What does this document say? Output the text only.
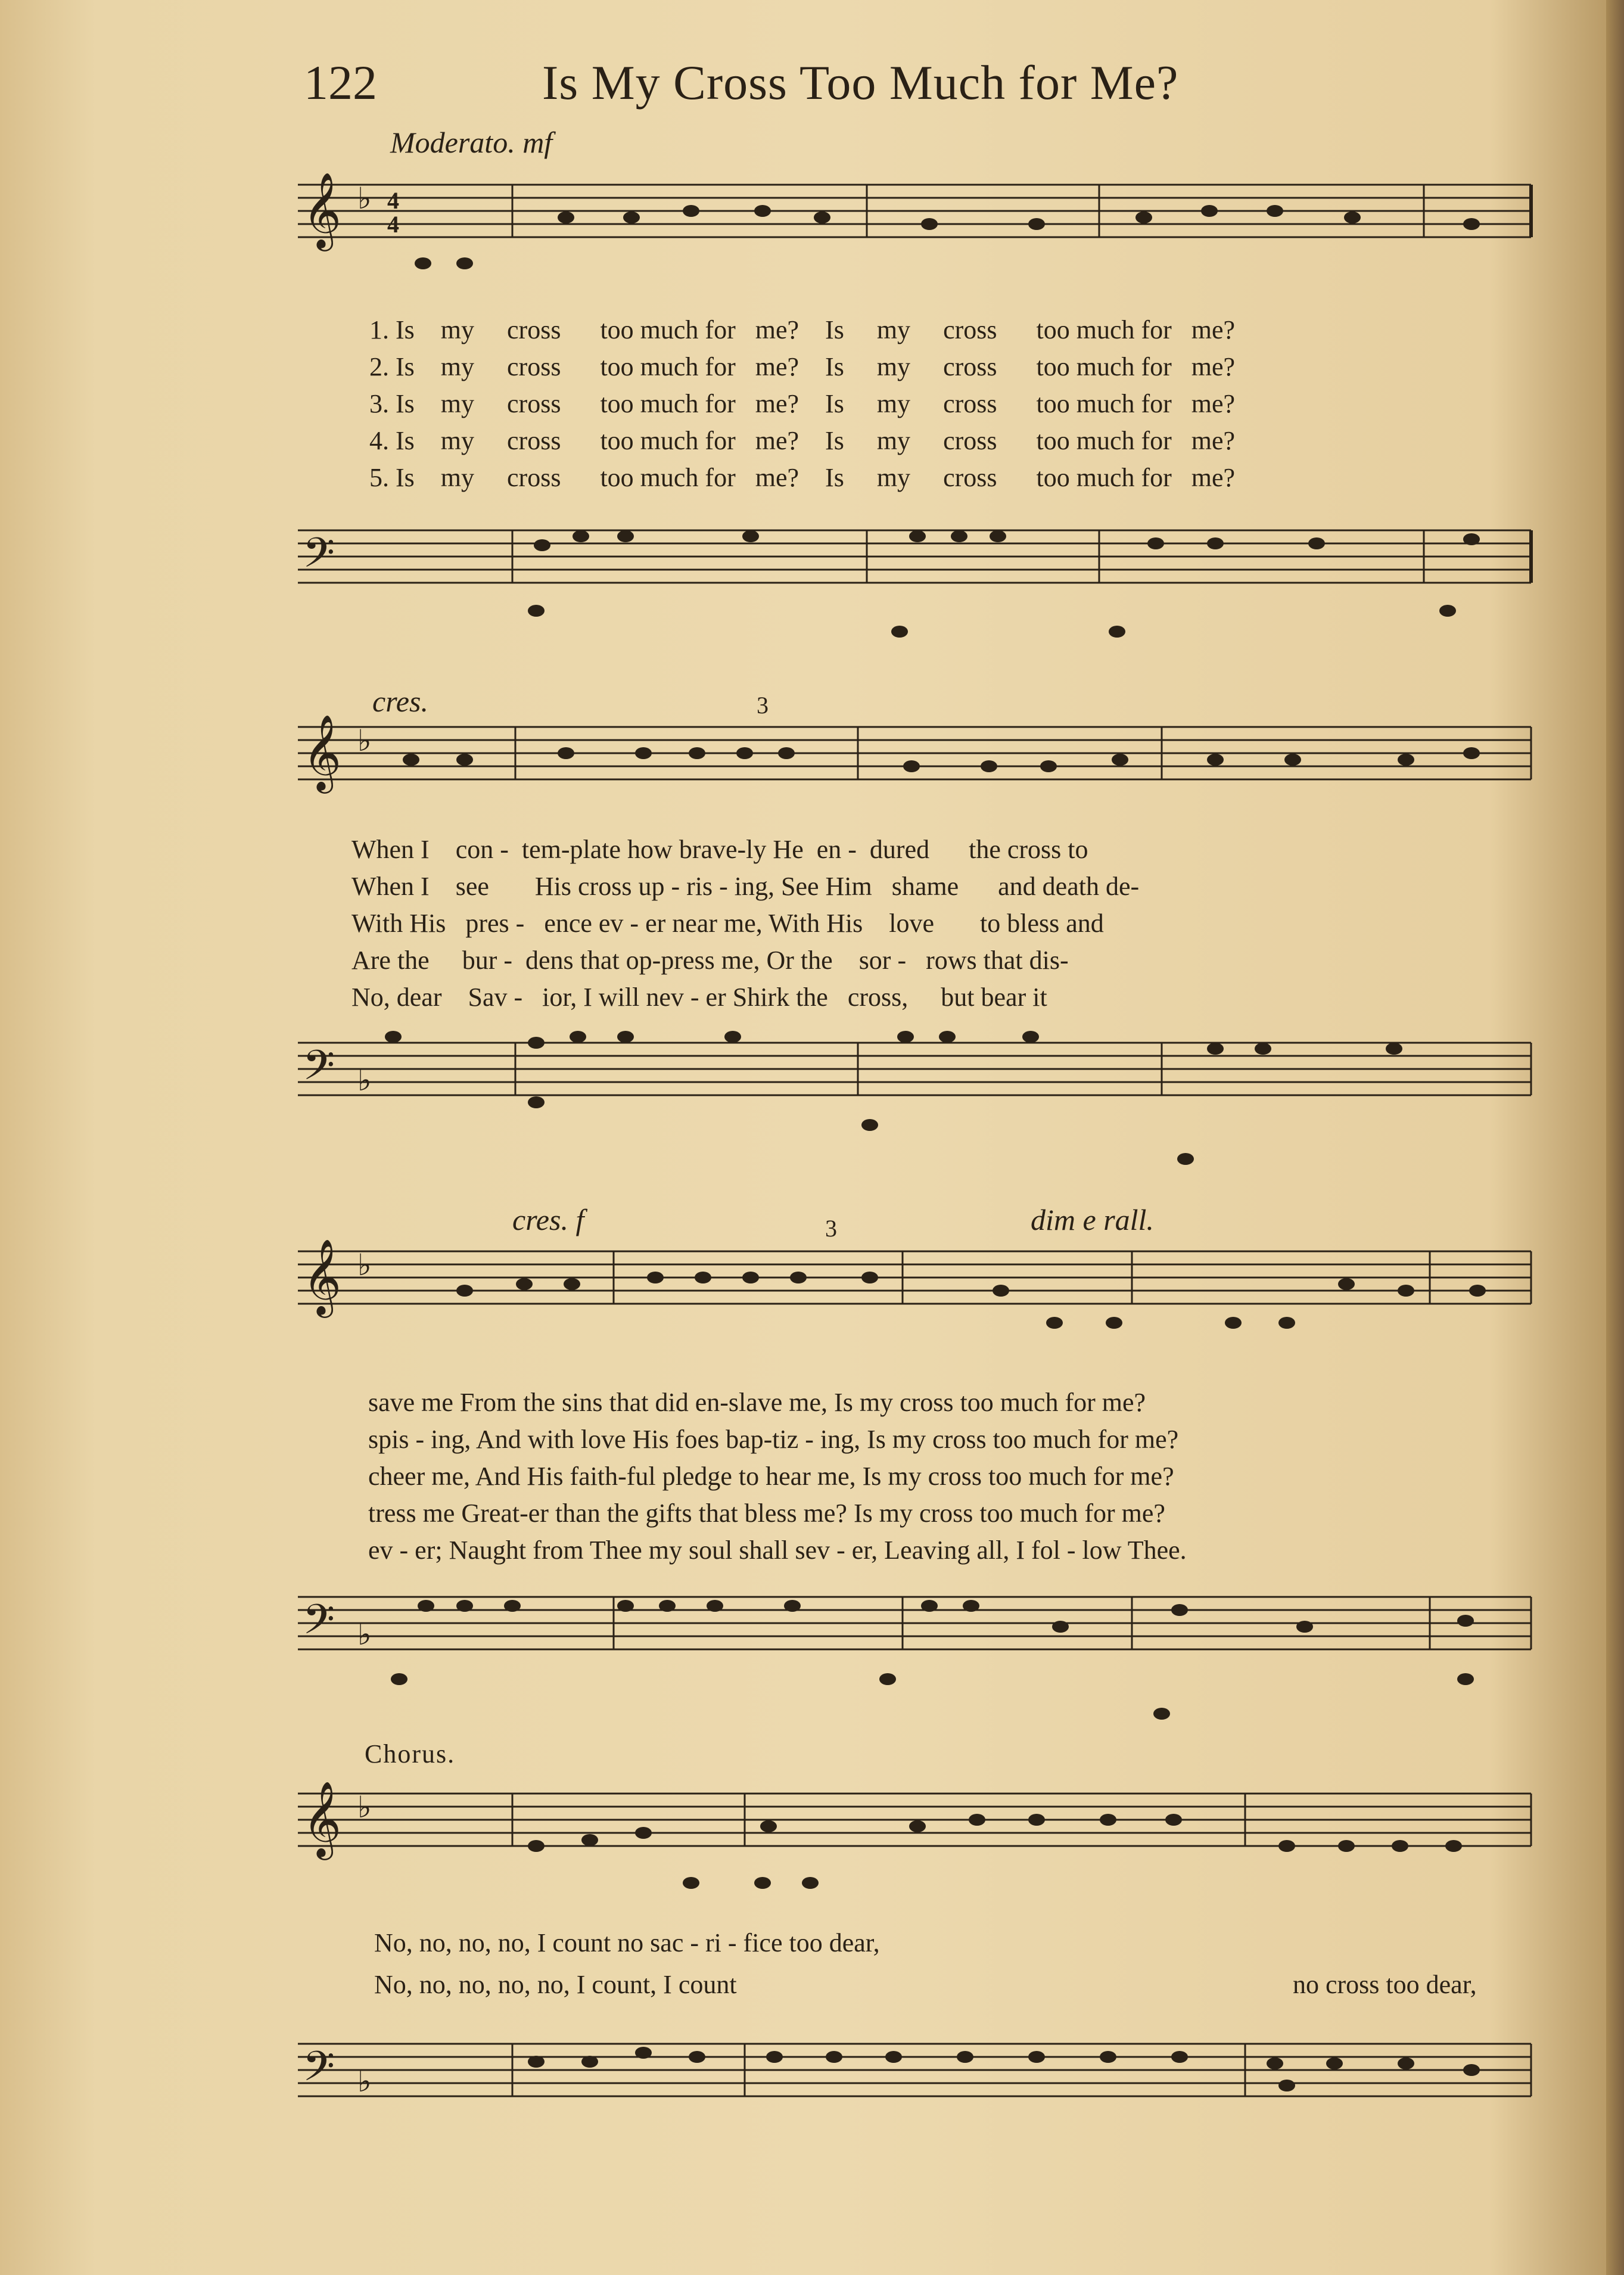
122	Is My Cross Too Much for Me?
Moderato. mf
𝄞 ♭ 4
4
1. Is my cross too much for me? Is my cross too much for me?
2. Is my cross too much for me? Is my cross too much for me?
3. Is my cross too much for me? Is my cross too much for me?
4. Is my cross too much for me? Is my cross too much for me?
5. Is my cross too much for me? Is my cross too much for me?
𝄢
cres.	3
𝄞 ♭
When I con - tem-plate how brave-ly He en - dured the cross to
When I see His cross up - ris - ing, See Him shame and death de-
With His pres - ence ev - er near me, With His love to bless and
Are the bur - dens that op-press me, Or the sor - rows that dis-
No, dear Sav - ior, I will nev - er Shirk the cross, but bear it
𝄢 ♭
cres. f	3	dim e rall.
𝄞 ♭
save me From the sins that did en-slave me, Is my cross too much for me?
spis - ing, And with love His foes bap-tiz - ing, Is my cross too much for me?
cheer me, And His faith-ful pledge to hear me, Is my cross too much for me?
tress me Great-er than the gifts that bless me? Is my cross too much for me?
ev - er; Naught from Thee my soul shall sev - er, Leaving all, I fol - low Thee.
𝄢 ♭
Chorus.
𝄞 ♭
No, no, no, no, I count no sac - ri - fice too dear,
No, no, no, no, no, I count, I count	no cross too dear,
𝄢 ♭
